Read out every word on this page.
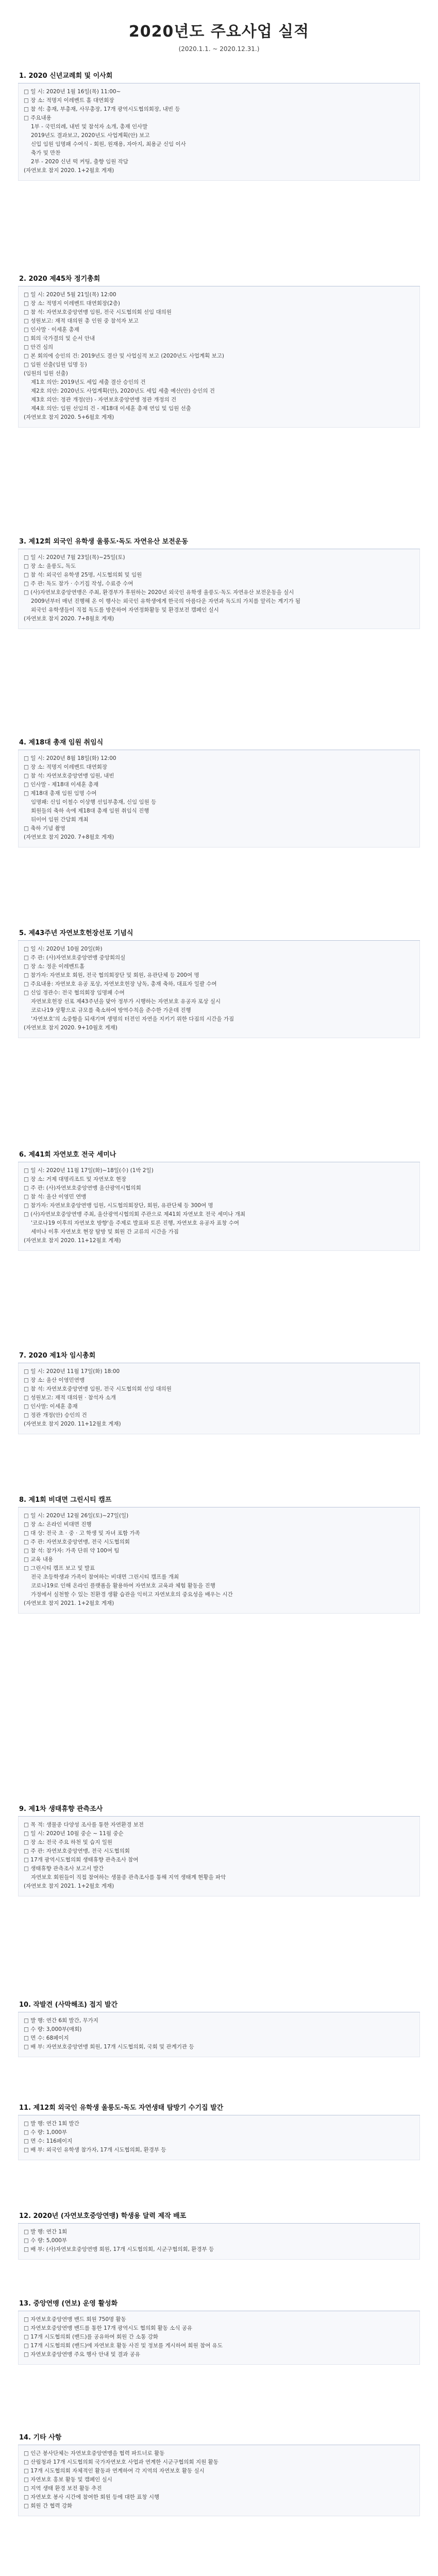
2020년도 주요사업 실적
(2020.1.1. ~ 2020.12.31.)
1. 2020 신년교례회 및 이사회
□ 일 시: 2020년 1월 16일(목) 11:00~
□ 장 소: 적명지 이레벤트 홀 대연회장
□ 참 석: 총재, 부총재, 사무총장, 17개 광역시도협의회장, 내빈 등
□ 주요내용
1부 - 국민의례, 내빈 및 참석자 소개, 총재 인사말
2019년도 결과보고, 2020년도 사업계획(안) 보고
신입 임원 임명패 수여식 - 회원, 원재용, 자아지, 최용군 신임 이사
축가 및 만찬
2부 - 2020 신년 떡 커팅, 출향 임원 작담
(자연보호 참지 2020. 1+2월호 게재)
2. 2020 제45차 정기총회
□ 일 시: 2020년 5월 21일(목) 12:00
□ 장 소: 적명지 이레벤트 대연회장(2층)
□ 참 석: 자연보호중앙연맹 임원, 전국 시도협의회 선임 대의원
□ 성원보고: 재적 대의원 총 인원 중 참석자 보고
□ 인사말 · 이세훈 총재
□ 회의 국가결의 및 순서 안내
□ 안건 심의
□ 본 회의에 승인의 건: 2019년도 결산 및 사업실적 보고 (2020년도 사업계획 보고)
□ 임원 선출(임원 임명 등)
(임원의 임원 선출)
제1호 의안: 2019년도 세입 세출 결산 승인의 건
제2호 의안: 2020년도 사업계획(안), 2020년도 세입 세출 예산(안) 승인의 건
제3호 의안: 정관 개정(안) - 자연보호중앙연맹 정관 개정의 건
제4호 의안: 임원 선임의 건 - 제18대 이세훈 총재 연임 및 임원 선출
(자연보호 참지 2020. 5+6월호 게재)
3. 제12회 외국인 유학생 울릉도·독도 자연유산 보전운동
□ 일 시: 2020년 7월 23일(목)~25일(토)
□ 장 소: 울릉도, 독도
□ 참 석: 외국인 유학생 25명, 시도협의회 및 임원
□ 주 관: 독도 참가 · 수기집 작성, 수료증 수여
□ (사)자연보호중앙연맹은 주최, 환경부가 후원하는 2020년 외국인 유학생 울릉도·독도 자연유산 보전운동을 실시
2009년부터 매년 진행해 온 이 행사는 외국인 유학생에게 한국의 아름다운 자연과 독도의 가치를 알리는 계기가 됨
외국인 유학생들이 직접 독도를 방문하여 자연정화활동 및 환경보전 캠페인 실시
(자연보호 참지 2020. 7+8월호 게재)
4. 제18대 총재 임원 취임식
□ 일 시: 2020년 8월 18일(화) 12:00
□ 장 소: 적명지 이레벤트 대연회장
□ 참 석: 자연보호중앙연맹 임원, 내빈
□ 인사말 - 제18대 이세훈 총재
□ 제18대 총재 임원 임명 수여
임명패: 신임 이철수 이상행 선임부총재, 신임 임원 등
회원들의 축하 속에 제18대 총재 임원 취임식 진행
뒤이어 임원 간담회 개최
□ 축하 기념 촬영
(자연보호 참지 2020. 7+8월호 게재)
5. 제43주년 자연보호헌장선포 기념식
□ 일 시: 2020년 10월 20일(화)
□ 주 관: (사)자연보호중앙연맹 중앙회의실
□ 장 소: 정운 이레벤트홀
□ 참가자: 자연보호 회원, 전국 협의회장단 및 회원, 유관단체 등 200여 명
□ 주요내용: 자연보호 유공 포상, 자연보호헌장 낭독, 총재 축하, 대표자 일괄 수여
□ 신임 정관수: 전국 협의회장 임명패 수여
자연보호헌장 선포 제43주년을 맞아 정부가 시행하는 자연보호 유공자 포상 실시
코로나19 상황으로 규모를 축소하여 방역수칙을 준수한 가운데 진행
'자연보호'의 소중함을 되새기며 생명의 터전인 자연을 지키기 위한 다짐의 시간을 가짐
(자연보호 참지 2020. 9+10월호 게재)
6. 제41회 자연보호 전국 세미나
□ 일 시: 2020년 11월 17일(화)~18일(수) (1박 2일)
□ 장 소: 거제 대명리조트 및 자연보호 현장
□ 주 관: (사)자연보호중앙연맹 울산광역시협의회
□ 참 석: 울산 이영민 연맹
□ 참가자: 자연보호중앙연맹 임원, 시도협의회장단, 회원, 유관단체 등 300여 명
□ (사)자연보호중앙연맹 주최, 울산광역시협의회 주관으로 제41회 자연보호 전국 세미나 개최
'코로나19 이후의 자연보호 방향'을 주제로 발표와 토론 진행, 자연보호 유공자 표창 수여
세미나 이후 자연보호 현장 탐방 및 회원 간 교류의 시간을 가짐
(자연보호 참지 2020. 11+12월호 게재)
7. 2020 제1차 임시총회
□ 일 시: 2020년 11월 17일(화) 18:00
□ 장 소: 울산 이영민연맹
□ 참 석: 자연보호중앙연맹 임원, 전국 시도협의회 선임 대의원
□ 성원보고: 재적 대의원 · 참석자 소개
□ 인사말: 이세훈 총재
□ 정관 개정(안) 승인의 건
(자연보호 참지 2020. 11+12월호 게재)
8. 제1회 비대면 그린시티 캠프
□ 일 시: 2020년 12월 26일(토)~27일(일)
□ 장 소: 온라인 비대면 진행
□ 대 상: 전국 초 · 중 · 고 학생 및 자녀 포함 가족
□ 주 관: 자연보호중앙연맹, 전국 시도협의회
□ 참 석: 참가자: 가족 단위 약 100여 팀
□ 교육 내용
□ 그린시티 캠프 보고 및 발표
전국 초등학생과 가족이 참여하는 비대면 그린시티 캠프를 개최
코로나19로 인해 온라인 플랫폼을 활용하여 자연보호 교육과 체험 활동을 진행
가정에서 실천할 수 있는 친환경 생활 습관을 익히고 자연보호의 중요성을 배우는 시간
(자연보호 참지 2021. 1+2월호 게재)
9. 제1차 생태휴향 관측조사
□ 목 적: 생물종 다양성 조사를 통한 자연환경 보전
□ 일 시: 2020년 10월 중순 ~ 11월 중순
□ 장 소: 전국 주요 하천 및 습지 일원
□ 주 관: 자연보호중앙연맹, 전국 시도협의회
□ 17개 광역시도협의회 생태휴향 관측조사 참여
□ 생태휴향 관측조사 보고서 발간
자연보호 회원들이 직접 참여하는 생물종 관측조사를 통해 지역 생태계 현황을 파악
(자연보호 참지 2021. 1+2월호 게재)
10. 작발견 (사막해조) 접지 발간
□ 발 행: 연간 6회 발간, 무가지
□ 수 량: 3,000부(매회)
□ 면 수: 68페이지
□ 배 부: 자연보호중앙연맹 회원, 17개 시도협의회, 국회 및 관계기관 등
11. 제12회 외국인 유학생 울릉도·독도 자연생태 탐방기 수기집 발간
□ 발 행: 연간 1회 발간
□ 수 량: 1,000부
□ 면 수: 116페이지
□ 배 부: 외국인 유학생 참가자, 17개 시도협의회, 환경부 등
12. 2020년 (자연보호중앙연맹) 학생용 달력 제작 배포
□ 발 행: 연간 1회
□ 수 량: 5,000부
□ 배 부: (사)자연보호중앙연맹 회원, 17개 시도협의회, 시군구협의회, 환경부 등
13. 중앙연맹 (연보) 운영 활성화
□ 자연보호중앙연맹 밴드 회원 750명 활동
□ 자연보호중앙연맹 밴드를 통한 17개 광역시도 협의회 활동 소식 공유
□ 17개 시도협의회 (밴드)를 공유하여 회원 간 소통 강화
□ 17개 시도협의회 (밴드)에 자연보호 활동 사진 및 정보를 게시하여 회원 참여 유도
□ 자연보호중앙연맹 주요 행사 안내 및 결과 공유
14. 기타 사항
□ 인근 봉사단체는 자연보호중앙연맹을 협력 파트너로 활동
□ 산림청과 17개 시도협의회 국가자연보호 사업과 연계한 시군구협의회 지원 활동
□ 17개 시도협의회 자체적인 활동과 연계하여 각 지역의 자연보호 활동 실시
□ 자연보호 홍보 활동 및 캠페인 실시
□ 지역 생태 환경 보전 활동 추진
□ 자연보호 봉사 시간에 참여한 회원 등에 대한 표창 시행
□ 회원 간 협력 강화
